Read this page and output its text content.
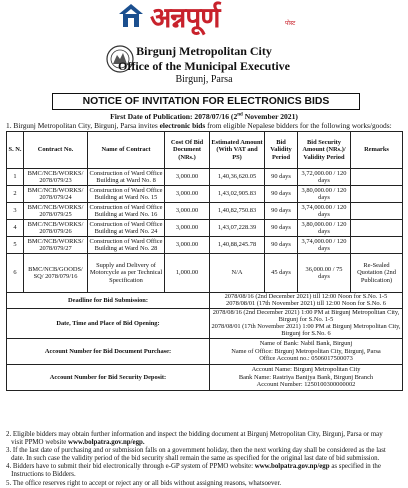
अन्नपूर्ण	पोस्ट
Birgunj Metropolitan City
Office of the Municipal Executive
Birgunj, Parsa
NOTICE OF INVITATION FOR ELECTRONICS BIDS
First Date of Publication: 2078/07/16 (2nd November 2021)
1. Birgunj Metropolitan City, Birgunj, Parsa invites electronic bids from eligible Nepalese bidders for the following works/goods:
S. N.	Contract No.	Name of Contract	Cost Of Bid Document (NRs.)	Estimated Amount (With VAT and PS)	Bid Validity Period	Bid Security Amount (NRs.)/ Validity Period	Remarks
1	BMC/NCB/WORKS/ 2078/079/23	Construction of Ward Office Building at Ward No. 8	3,000.00	1,40,36,620.05	90 days	3,72,000.00 / 120 days	
2	BMC/NCB/WORKS/ 2078/079/24	Construction of Ward Office Building at Ward No. 15	3,000.00	1,43,02,905.83	90 days	3,80,000.00 / 120 days	
3	BMC/NCB/WORKS/ 2078/079/25	Construction of Ward Office Building at Ward No. 16	3,000.00	1,40,82,750.83	90 days	3,74,000.00 / 120 days	
4	BMC/NCB/WORKS/ 2078/079/26	Construction of Ward Office Building at Ward No. 24	3,000.00	1,43,07,228.39	90 days	3,80,000.00 / 120 days	
5	BMC/NCB/WORKS/ 2078/079/27	Construction of Ward Office Building at Ward No. 28	3,000.00	1,40,88,245.78	90 days	3,74,000.00 / 120 days	
6	BMC/NCB/GOODS/ SQ/ 2078/079/16	Supply and Delivery of Motorcycle as per Technical Specification	1,000.00	N/A	45 days	36,000.00 / 75 days	Re-Sealed Quotation (2nd Publication)
Deadline for Bid Submission:				2078/08/16 (2nd December 2021) till 12:00 Noon for S.No. 1-5
2078/08/01 (17th November 2021) till 12:00 Noon for S.No. 6			

Date, Time and Place of Bid Opening:				2078/08/16 (2nd December 2021) 1:00 PM at Birgunj Metropolitan City, Birgunj for S.No. 1-5
2078/08/01 (17th November 2021) 1:00 PM at Birgunj Metropolitan City, Birgunj for S.No. 6			

Account Number for Bid Document Purchase:				Name of Bank: Nabil Bank, Birgunj
Name of Office: Birgunj Metropolitan City, Birgunj, Parsa
Office Account no.: 0506017500073			

Account Number for Bid Security Deposit:				Account Name: Birgunj Metropolitan City
Bank Name: Rastriya Banijya Bank, Birgunj Branch
Account Number: 1250100300000002			
2. Eligible bidders may obtain further information and inspect the bidding document at Birgunj Metropolitan City, Birgunj, Parsa or may
visit PPMO website www.bolpatra.gov.np/egp.
3. If the last date of purchasing and or submission falls on a government holiday, then the next working day shall be considered as the last
date. In such case the validity period of the bid security shall remain the same as specified for the original last date of bid submission.
4. Bidders have to submit their bid electronically through e-GP system of PPMO website: www.bolpatra.gov.np/egp as specified in the
Instructions to Bidders.
5. The office reserves right to accept or reject any or all bids without assigning reasons, whatsoever.
